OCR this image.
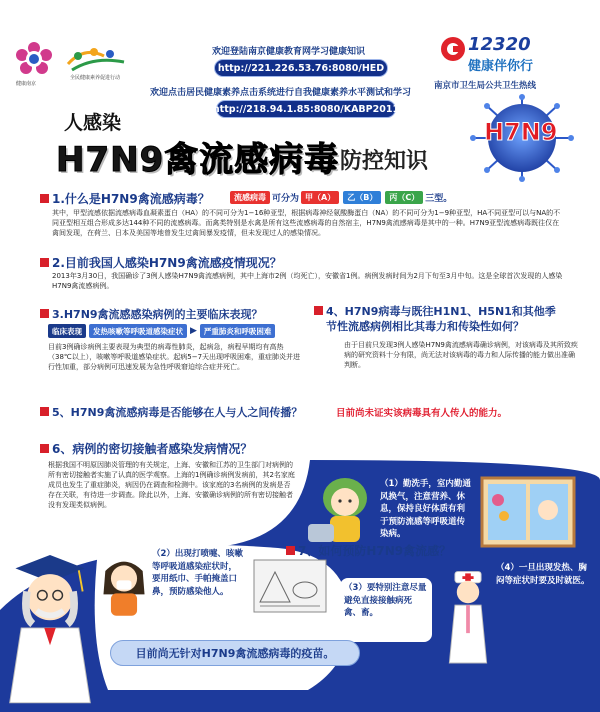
健康南京
全民健康素养促进行动
欢迎登陆南京健康教育网学习健康知识
http://221.226.53.76:8080/HED
欢迎点击居民健康素养点击系统进行自我健康素养水平测试和学习
http://218.94.1.85:8080/KABP2011
12320
健康伴你行
南京市卫生局公共卫生热线
人感染
H7N9禽流感病毒 防控知识
H7N9
1.什么是H7N9禽流感病毒？	流感病毒 可分为 甲（A）	乙（B）	丙（C） 三型。
其中，甲型流感依据流感病毒血凝素蛋白（HA）的不同可分为1−16种亚型，根据病毒神经氨酸酶蛋白（NA）的不同可分为1−9种亚型，HA不同亚型可以与NA的不同亚型相互组合形成多达144种不同的流感病毒。而禽类特别是水禽是所有这些流感病毒的自然宿主，H7N9禽流感病毒是其中的一种。H7N9亚型流感病毒既往仅在禽间发现，在荷兰、日本及美国等地曾发生过禽间暴发疫情，但未发现过人的感染情况。
2.目前我国人感染H7N9禽流感疫情现况？
2013年3月30日，我国确诊了3例人感染H7N9禽流感病例，其中上海市2例（均死亡），安徽省1例。病例发病时间为2月下旬至3月中旬。这是全球首次发现的人感染H7N9禽流感病例。
3.H7N9禽流感感染病例的主要临床表现？
临床表现	发热咳嗽等呼吸道感染症状 ▶ 严重肺炎和呼吸困难
目前3例确诊病例主要表现为典型的病毒性肺炎，起病急，病程早期均有高热（38℃以上），咳嗽等呼吸道感染症状。起病5−7天出现呼吸困难，重症肺炎并进行性加重，部分病例可迅速发展为急性呼吸窘迫综合症并死亡。
4、H7N9病毒与既往H1N1、H5N1和其他季
节性流感病例相比其毒力和传染性如何？
由于目前只发现3例人感染H7N9禽流感病毒确诊病例，对该病毒及其所致疾病的研究资料十分有限，尚无法对该病毒的毒力和人际传播的能力做出准确判断。
5、H7N9禽流感病毒是否能够在人与人之间传播？	目前尚未证实该病毒具有人传人的能力。
6、病例的密切接触者感染发病情况？
根据我国不明原因肺炎管理的有关规定，上海、安徽和江苏的卫生部门对病例的所有密切接触者实施了认真的医学观察。上海的1例确诊病例发病前，其2名家庭成员也发生了重症肺炎，病因仍在调查和检测中。该家庭的3名病例的发病是否存在关联，有待进一步调查。除此以外，上海、安徽确诊病例的所有密切接触者没有发现类似病例。
（1）勤洗手，室内勤通风换气，注意营养、休息，保持良好体质有利于预防流感等呼吸道传染病。
（2）出现打喷嚏、咳嗽等呼吸道感染症状时，要用纸巾、手帕掩盖口鼻，预防感染他人。
7、如何预防H7N9禽流感？
（3）要特别注意尽量避免直接接触病死禽、畜。
（4）一旦出现发热、胸闷等症状时要及时就医。
目前尚无针对H7N9禽流感病毒的疫苗。
